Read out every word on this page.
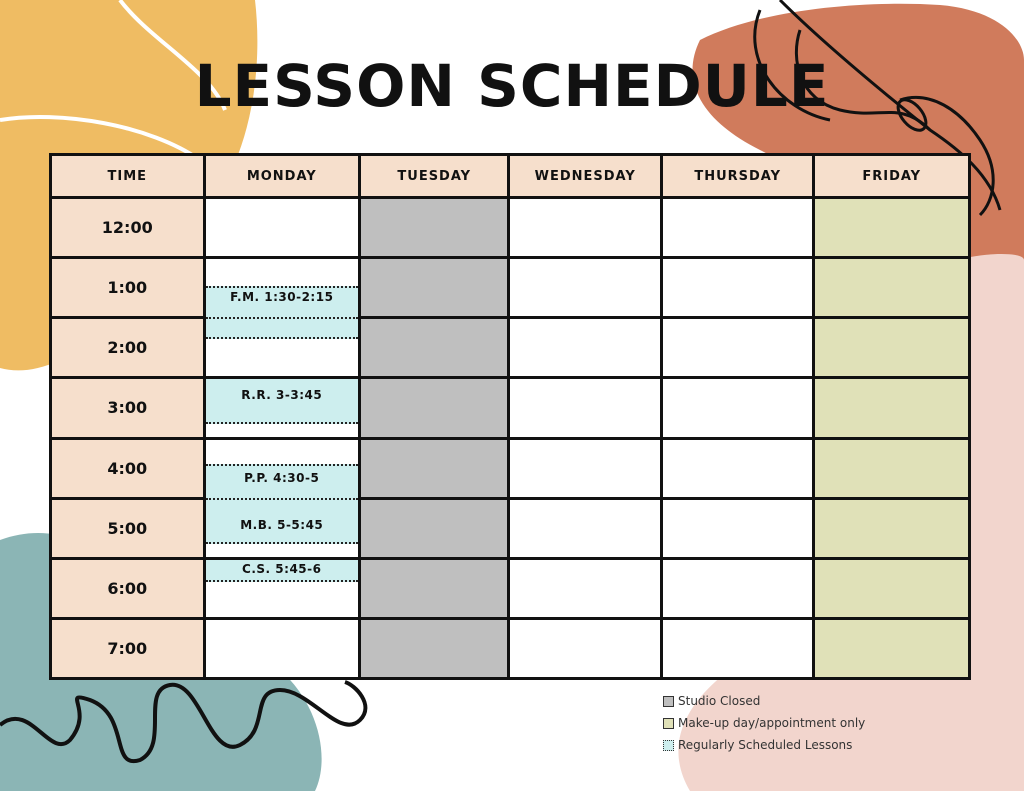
LESSON SCHEDULE
TIME	MONDAY	TUESDAY	WEDNESDAY	THURSDAY	FRIDAY
12:00					
1:00	F.M. 1:30-2:15				

2:00	

3:00	R.R. 3-3:45				

4:00	P.P. 4:30-5				

5:00	M.B. 5-5:45				

6:00	C.S. 5:45-6				

7:00					
Studio Closed
Make-up day/appointment only
Regularly Scheduled Lessons
